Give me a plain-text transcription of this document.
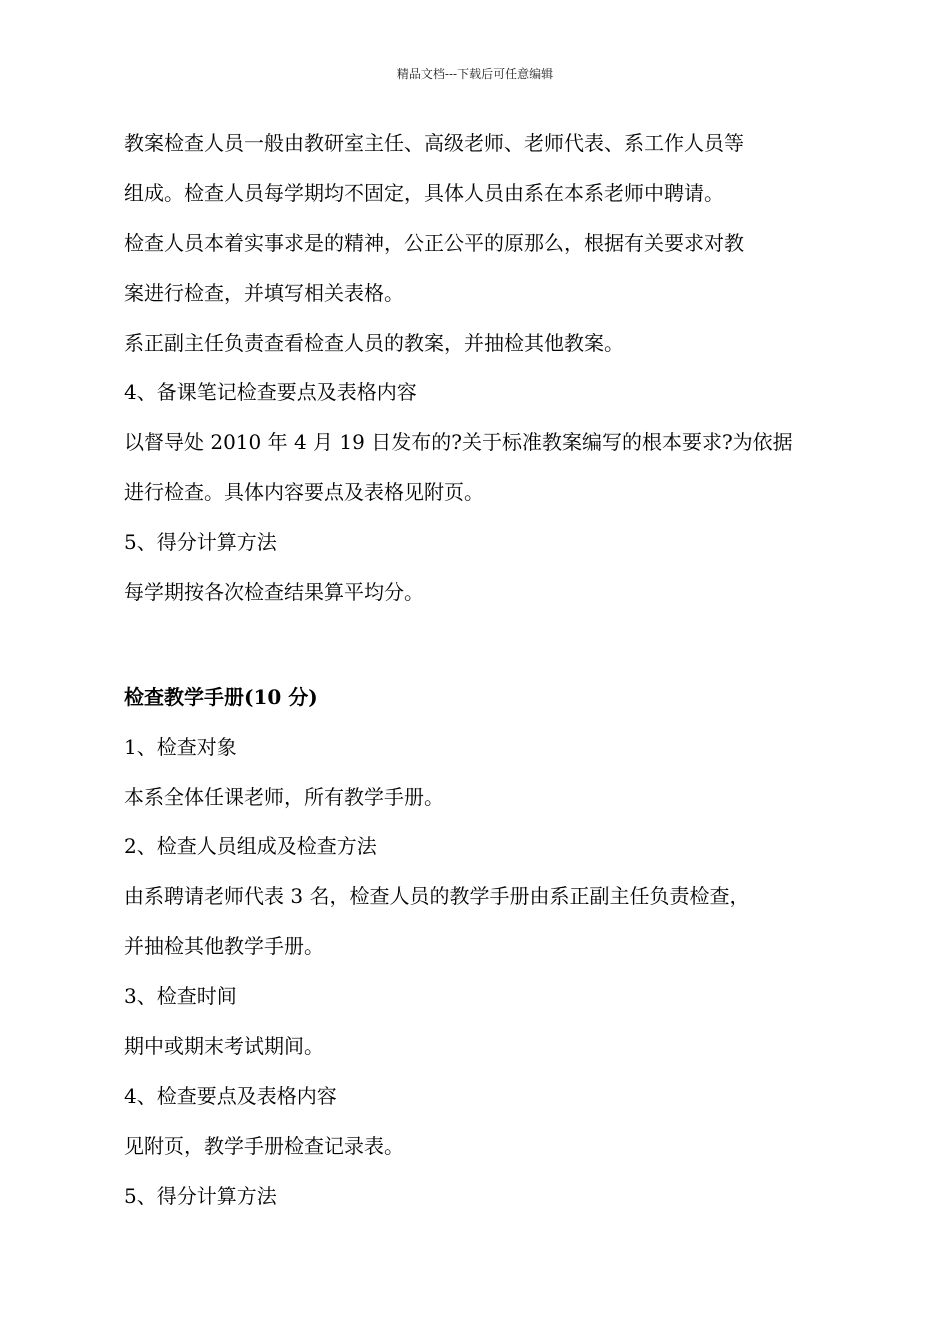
精品文档---下载后可任意编辑
教案检查人员一般由教研室主任、高级老师、老师代表、系工作人员等
组成。检查人员每学期均不固定，具体人员由系在本系老师中聘请。
检查人员本着实事求是的精神，公正公平的原那么，根据有关要求对教
案进行检查，并填写相关表格。
系正副主任负责查看检查人员的教案，并抽检其他教案。
4、备课笔记检查要点及表格内容
以督导处 2010 年 4 月 19 日发布的?关于标准教案编写的根本要求?为依据
进行检查。具体内容要点及表格见附页。
5、得分计算方法
每学期按各次检查结果算平均分。
检查教学手册(10 分)
1、检查对象
本系全体任课老师，所有教学手册。
2、检查人员组成及检查方法
由系聘请老师代表 3 名，检查人员的教学手册由系正副主任负责检查，
并抽检其他教学手册。
3、检查时间
期中或期末考试期间。
4、检查要点及表格内容
见附页，教学手册检查记录表。
5、得分计算方法
